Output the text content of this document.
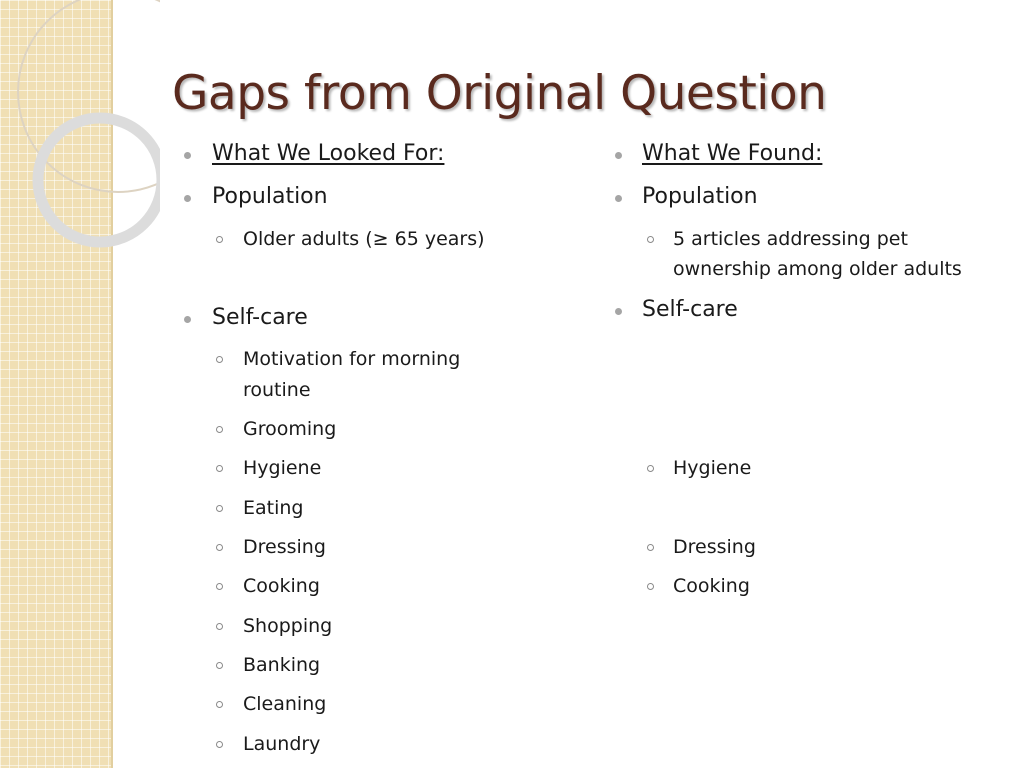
Gaps from Original Question
What We Looked For:
Population
Older adults (≥ 65 years)
Self-care
Motivation for morning
routine
Grooming
Hygiene
Eating
Dressing
Cooking
Shopping
Banking
Cleaning
Laundry
What We Found:
Population
5 articles addressing pet
ownership among older adults
Self-care
Hygiene
Dressing
Cooking
